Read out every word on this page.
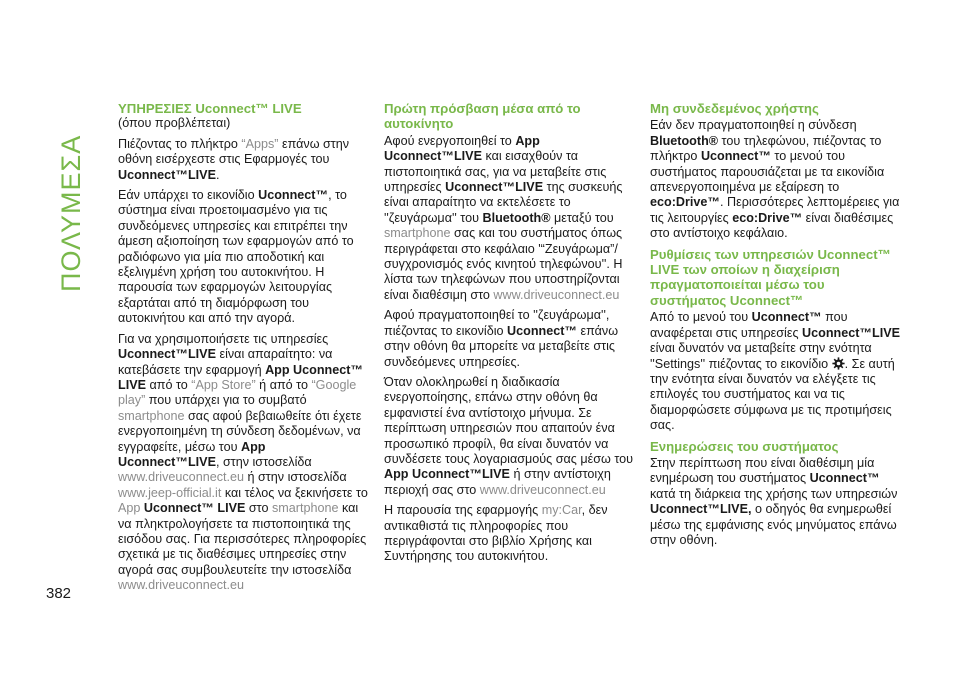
ΠΟΛΥΜΕΣΑ
382
ΥΠΗΡΕΣΙΕΣ Uconnect™ LIVE
(όπου προβλέπεται)

Πιέζοντας το πλήκτρο “Apps” επάνω στην οθόνη εισέρχεστε στις Εφαρμογές του Uconnect™LIVE.

Εάν υπάρχει το εικονίδιο Uconnect™, το σύστημα είναι προετοιμασμένο για τις συνδεόμενες υπηρεσίες και επιτρέπει την άμεση αξιοποίηση των εφαρμογών από το ραδιόφωνο για μία πιο αποδοτική και εξελιγμένη χρήση του αυτοκινήτου. Η παρουσία των εφαρμογών λειτουργίας εξαρτάται από τη διαμόρφωση του αυτοκινήτου και από την αγορά.

Για να χρησιμοποιήσετε τις υπηρεσίες Uconnect™LIVE είναι απαραίτητο: να κατεβάσετε την εφαρμογή App Uconnect™ LIVE από το “App Store” ή από το “Google play” που υπάρχει για το συμβατό smartphone σας αφού βεβαιωθείτε ότι έχετε ενεργοποιημένη τη σύνδεση δεδομένων, να εγγραφείτε, μέσω του App Uconnect™LIVE, στην ιστοσελίδα www.driveuconnect.eu ή στην ιστοσελίδα www.jeep-official.it και τέλος να ξεκινήσετε το App Uconnect™ LIVE στο smartphone και να πληκτρολογήσετε τα πιστοποιητικά της εισόδου σας. Για περισσότερες πληροφορίες σχετικά με τις διαθέσιμες υπηρεσίες στην αγορά σας συμβουλευτείτε την ιστοσελίδα www.driveuconnect.eu

Πρώτη πρόσβαση μέσα από το αυτοκίνητο

Αφού ενεργοποιηθεί το App Uconnect™LIVE και εισαχθούν τα πιστοποιητικά σας, για να μεταβείτε στις υπηρεσίες Uconnect™LIVE της συσκευής είναι απαραίτητο να εκτελέσετε το ''ζευγάρωμα'' του Bluetooth® μεταξύ του smartphone σας και του συστήματος όπως περιγράφεται στο κεφάλαιο '“Ζευγάρωμα”/συγχρονισμός ενός κινητού τηλεφώνου''. Η λίστα των τηλεφώνων που υποστηρίζονται είναι διαθέσιμη στο www.driveuconnect.eu

Αφού πραγματοποιηθεί το ''ζευγάρωμα'', πιέζοντας το εικονίδιο Uconnect™ επάνω στην οθόνη θα μπορείτε να μεταβείτε στις συνδεόμενες υπηρεσίες.

Όταν ολοκληρωθεί η διαδικασία ενεργοποίησης, επάνω στην οθόνη θα εμφανιστεί ένα αντίστοιχο μήνυμα. Σε περίπτωση υπηρεσιών που απαιτούν ένα προσωπικό προφίλ, θα είναι δυνατόν να συνδέσετε τους λογαριασμούς σας μέσω του App Uconnect™LIVE ή στην αντίστοιχη περιοχή σας στο www.driveuconnect.eu

Η παρουσία της εφαρμογής my:Car, δεν αντικαθιστά τις πληροφορίες που περιγράφονται στο βιβλίο Χρήσης και Συντήρησης του αυτοκινήτου.

Μη συνδεδεμένος χρήστης

Εάν δεν πραγματοποιηθεί η σύνδεση Bluetooth® του τηλεφώνου, πιέζοντας το πλήκτρο Uconnect™ το μενού του συστήματος παρουσιάζεται με τα εικονίδια απενεργοποιημένα με εξαίρεση το eco:Drive™. Περισσότερες λεπτομέρειες για τις λειτουργίες eco:Drive™ είναι διαθέσιμες στο αντίστοιχο κεφάλαιο.

Ρυθμίσεις των υπηρεσιών Uconnect™ LIVE των οποίων η διαχείριση πραγματοποιείται μέσω του συστήματος Uconnect™

Από το μενού του Uconnect™ που αναφέρεται στις υπηρεσίες Uconnect™LIVE είναι δυνατόν να μεταβείτε στην ενότητα ''Settings'' πιέζοντας το εικονίδιο . Σε αυτή την ενότητα είναι δυνατόν να ελέγξετε τις επιλογές του συστήματος και να τις διαμορφώσετε σύμφωνα με τις προτιμήσεις σας.

Ενημερώσεις του συστήματος

Στην περίπτωση που είναι διαθέσιμη μία ενημέρωση του συστήματος Uconnect™ κατά τη διάρκεια της χρήσης των υπηρεσιών Uconnect™LIVE, ο οδηγός θα ενημερωθεί μέσω της εμφάνισης ενός μηνύματος επάνω στην οθόνη.
